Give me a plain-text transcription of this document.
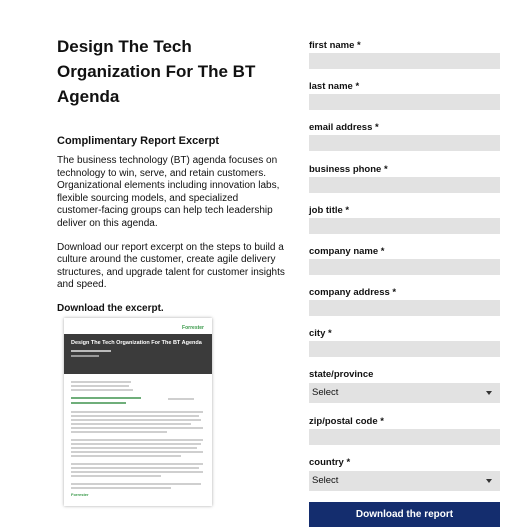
Design The Tech
Organization For The BT
Agenda
Complimentary Report Excerpt

The business technology (BT) agenda focuses on technology to win, serve, and retain customers. Organizational elements including innovation labs, flexible sourcing models, and specialized customer-facing groups can help tech leadership deliver on this agenda.

Download our report excerpt on the steps to build a culture around the customer, create agile delivery structures, and upgrade talent for customer insights and speed.

Download the excerpt.

Forrester
Design The Tech Organization For The BT Agenda
Forrester
first name *
last name *
email address *
business phone *
job title *
company name *
company address *
city *
state/province
Select
zip/postal code *
country *
Select
Download the report
